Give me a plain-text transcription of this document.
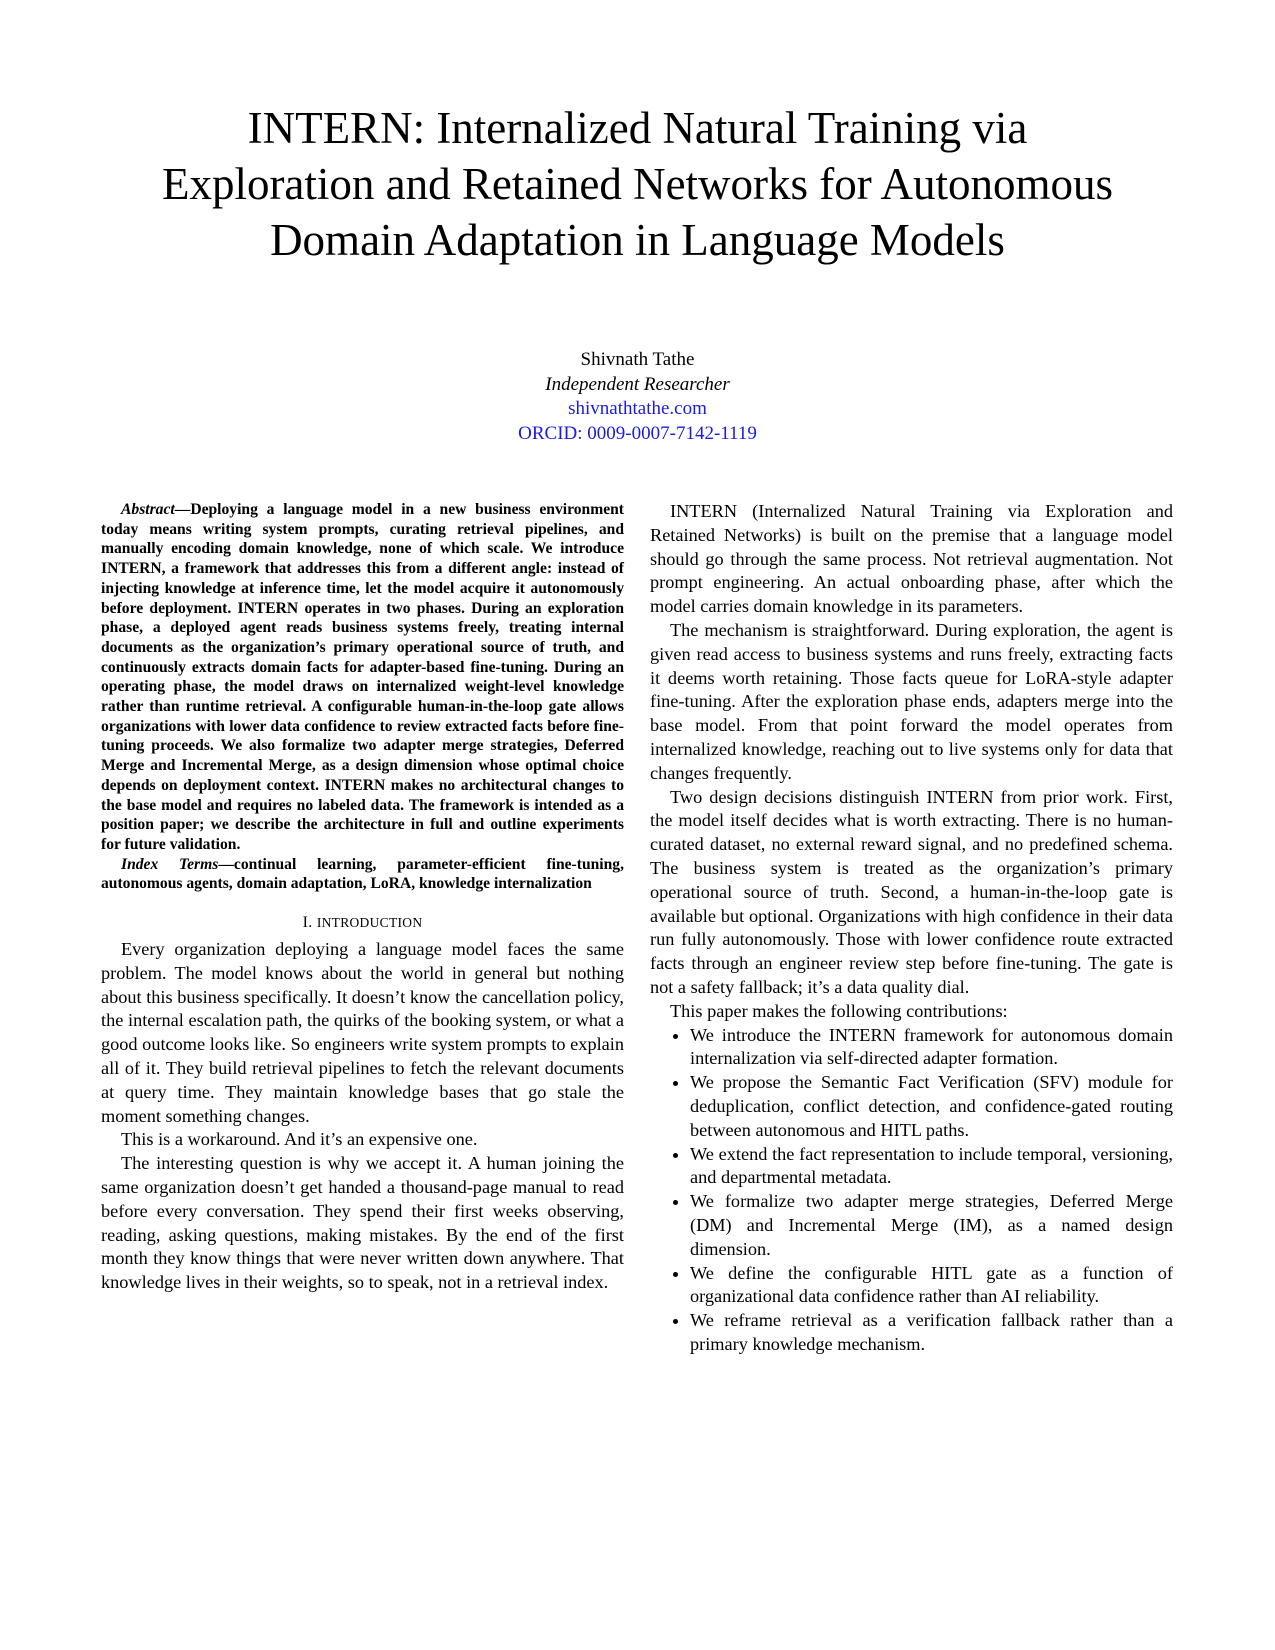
INTERN: Internalized Natural Training via Exploration and Retained Networks for Autonomous Domain Adaptation in Language Models
Shivnath Tathe
Independent Researcher
shivnathtathe.com
ORCID: 0009-0007-7142-1119

Abstract—Deploying a language model in a new business environment today means writing system prompts, curating retrieval pipelines, and manually encoding domain knowledge, none of which scale. We introduce INTERN, a framework that addresses this from a different angle: instead of injecting knowledge at inference time, let the model acquire it autonomously before deployment. INTERN operates in two phases. During an exploration phase, a deployed agent reads business systems freely, treating internal documents as the organization’s primary operational source of truth, and continuously extracts domain facts for adapter-based fine-tuning. During an operating phase, the model draws on internalized weight-level knowledge rather than runtime retrieval. A configurable human-in-the-loop gate allows organizations with lower data confidence to review extracted facts before fine-tuning proceeds. We also formalize two adapter merge strategies, Deferred Merge and Incremental Merge, as a design dimension whose optimal choice depends on deployment context. INTERN makes no architectural changes to the base model and requires no labeled data. The framework is intended as a position paper; we describe the architecture in full and outline experiments for future validation.

Index Terms—continual learning, parameter-efficient fine-tuning, autonomous agents, domain adaptation, LoRA, knowledge internalization

I. INTRODUCTION

Every organization deploying a language model faces the same problem. The model knows about the world in general but nothing about this business specifically. It doesn’t know the cancellation policy, the internal escalation path, the quirks of the booking system, or what a good outcome looks like. So engineers write system prompts to explain all of it. They build retrieval pipelines to fetch the relevant documents at query time. They maintain knowledge bases that go stale the moment something changes.

This is a workaround. And it’s an expensive one.

The interesting question is why we accept it. A human joining the same organization doesn’t get handed a thousand-page manual to read before every conversation. They spend their first weeks observing, reading, asking questions, making mistakes. By the end of the first month they know things that were never written down anywhere. That knowledge lives in their weights, so to speak, not in a retrieval index.

INTERN (Internalized Natural Training via Exploration and Retained Networks) is built on the premise that a language model should go through the same process. Not retrieval augmentation. Not prompt engineering. An actual onboarding phase, after which the model carries domain knowledge in its parameters.

The mechanism is straightforward. During exploration, the agent is given read access to business systems and runs freely, extracting facts it deems worth retaining. Those facts queue for LoRA-style adapter fine-tuning. After the exploration phase ends, adapters merge into the base model. From that point forward the model operates from internalized knowledge, reaching out to live systems only for data that changes frequently.

Two design decisions distinguish INTERN from prior work. First, the model itself decides what is worth extracting. There is no human-curated dataset, no external reward signal, and no predefined schema. The business system is treated as the organization’s primary operational source of truth. Second, a human-in-the-loop gate is available but optional. Organizations with high confidence in their data run fully autonomously. Those with lower confidence route extracted facts through an engineer review step before fine-tuning. The gate is not a safety fallback; it’s a data quality dial.

This paper makes the following contributions:

• We introduce the INTERN framework for autonomous domain internalization via self-directed adapter formation.
• We propose the Semantic Fact Verification (SFV) module for deduplication, conflict detection, and confidence-gated routing between autonomous and HITL paths.
• We extend the fact representation to include temporal, versioning, and departmental metadata.
• We formalize two adapter merge strategies, Deferred Merge (DM) and Incremental Merge (IM), as a named design dimension.
• We define the configurable HITL gate as a function of organizational data confidence rather than AI reliability.
• We reframe retrieval as a verification fallback rather than a primary knowledge mechanism.
